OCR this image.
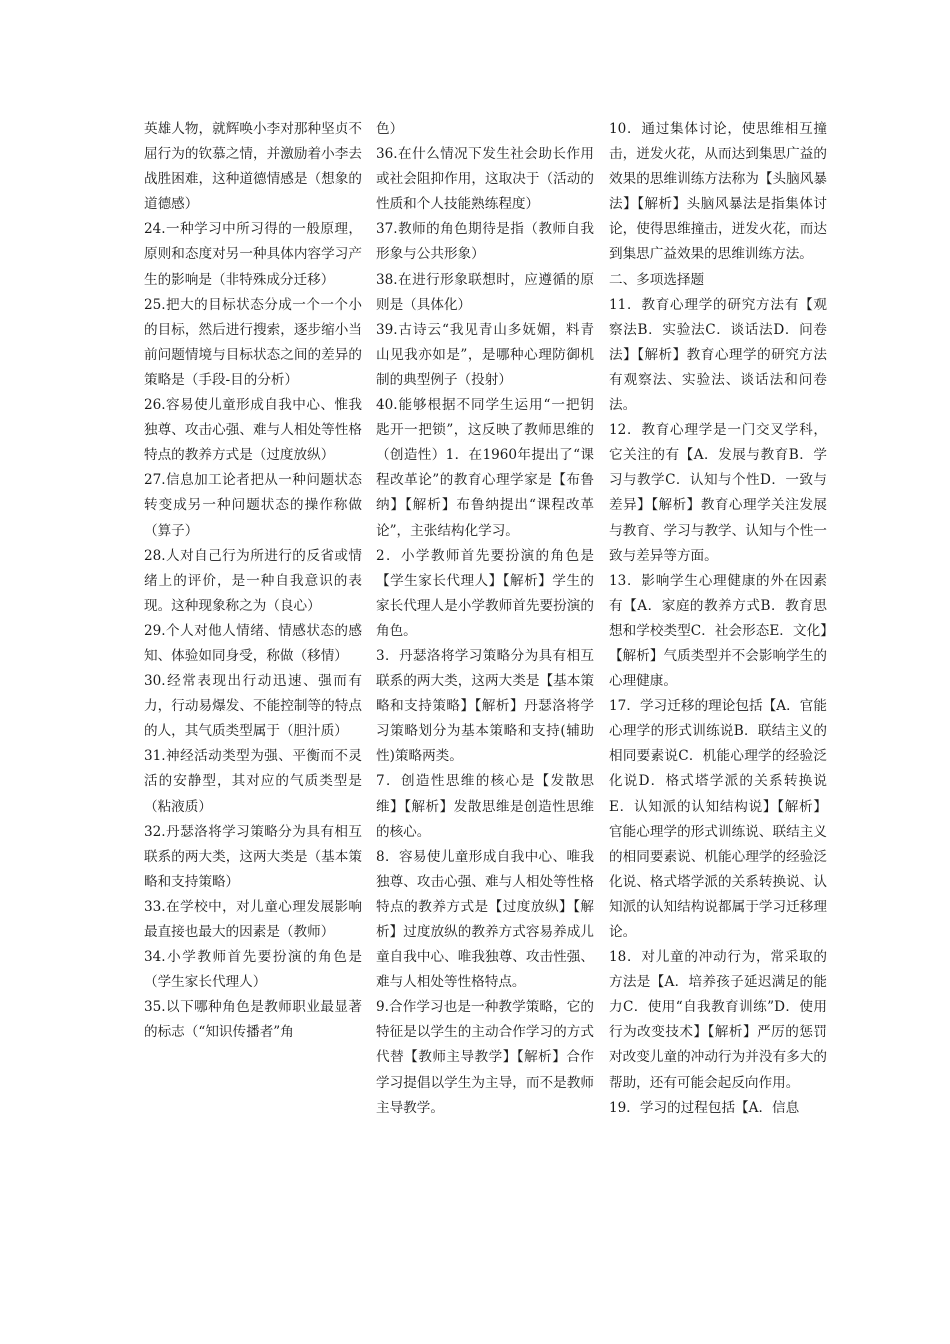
英雄人物，就辉唤小李对那种坚贞不屈行为的钦慕之情，并激励着小李去战胜困难，这种道德情感是（想象的道德感）

24.一种学习中所习得的一般原理，原则和态度对另一种具体内容学习产生的影响是（非特殊成分迁移）

25.把大的目标状态分成一个一个小的目标，然后进行搜索，逐步缩小当前问题情境与目标状态之间的差异的策略是（手段-目的分析）

26.容易使儿童形成自我中心、惟我独尊、攻击心强、难与人相处等性格特点的教养方式是（过度放纵）

27.信息加工论者把从一种问题状态转变成另一种问题状态的操作称做（算子）

28.人对自己行为所进行的反省或情绪上的评价，是一种自我意识的表现。这种现象称之为（良心）

29.个人对他人情绪、情感状态的感知、体验如同身受，称做（移情）

30.经常表现出行动迅速、强而有力，行动易爆发、不能控制等的特点的人，其气质类型属于（胆汁质）

31.神经活动类型为强、平衡而不灵活的安静型，其对应的气质类型是（粘液质）

32.丹瑟洛将学习策略分为具有相互联系的两大类，这两大类是（基本策略和支持策略）

33.在学校中，对儿童心理发展影响最直接也最大的因素是（教师）

34.小学教师首先要扮演的角色是（学生家长代理人）

35.以下哪种角色是教师职业最显著的标志（“知识传播者”角

色）

36.在什么情况下发生社会助长作用或社会阻抑作用，这取决于（活动的性质和个人技能熟练程度）

37.教师的角色期待是指（教师自我形象与公共形象）

38.在进行形象联想时，应遵循的原则是（具体化）

39.古诗云“我见青山多妩媚，料青山见我亦如是”，是哪种心理防御机制的典型例子（投射）

40.能够根据不同学生运用“一把钥匙开一把锁”，这反映了教师思维的（创造性）1．在1960年提出了“课程改革论”的教育心理学家是【布鲁纳】【解析】布鲁纳提出“课程改革论”，主张结构化学习。

2．小学教师首先要扮演的角色是【学生家长代理人】【解析】学生的家长代理人是小学教师首先要扮演的角色。

3．丹瑟洛将学习策略分为具有相互联系的两大类，这两大类是【基本策略和支持策略】【解析】丹瑟洛将学习策略划分为基本策略和支持(辅助性)策略两类。

7．创造性思维的核心是【发散思维】【解析】发散思维是创造性思维的核心。

8．容易使儿童形成自我中心、唯我独尊、攻击心强、难与人相处等性格特点的教养方式是【过度放纵】【解析】过度放纵的教养方式容易养成儿童自我中心、唯我独尊、攻击性强、难与人相处等性格特点。

9.合作学习也是一种教学策略，它的特征是以学生的主动合作学习的方式代替【教师主导教学】【解析】合作学习提倡以学生为主导，而不是教师主导教学。

10．通过集体讨论，使思维相互撞击，迸发火花，从而达到集思广益的效果的思维训练方法称为【头脑风暴法】【解析】头脑风暴法是指集体讨论，使得思维撞击，迸发火花，而达到集思广益效果的思维训练方法。

二、多项选择题

11．教育心理学的研究方法有【观察法B．实验法C．谈话法D．问卷法】【解析】教育心理学的研究方法有观察法、实验法、谈话法和问卷法。

12．教育心理学是一门交叉学科，它关注的有【A．发展与教育B．学习与教学C．认知与个性D．一致与差异】【解析】教育心理学关注发展与教育、学习与教学、认知与个性一致与差异等方面。

13．影响学生心理健康的外在因素有【A．家庭的教养方式B．教育思想和学校类型C．社会形态E．文化】【解析】气质类型并不会影响学生的心理健康。

17．学习迁移的理论包括【A．官能心理学的形式训练说B．联结主义的相同要素说C．机能心理学的经验泛化说D．格式塔学派的关系转换说E．认知派的认知结构说】【解析】官能心理学的形式训练说、联结主义的相同要素说、机能心理学的经验泛化说、格式塔学派的关系转换说、认知派的认知结构说都属于学习迁移理论。

18．对儿童的冲动行为，常采取的方法是【A．培养孩子延迟满足的能力C．使用“自我教育训练”D．使用行为改变技术】【解析】严厉的惩罚对改变儿童的冲动行为并没有多大的帮助，还有可能会起反向作用。

19．学习的过程包括【A．信息
